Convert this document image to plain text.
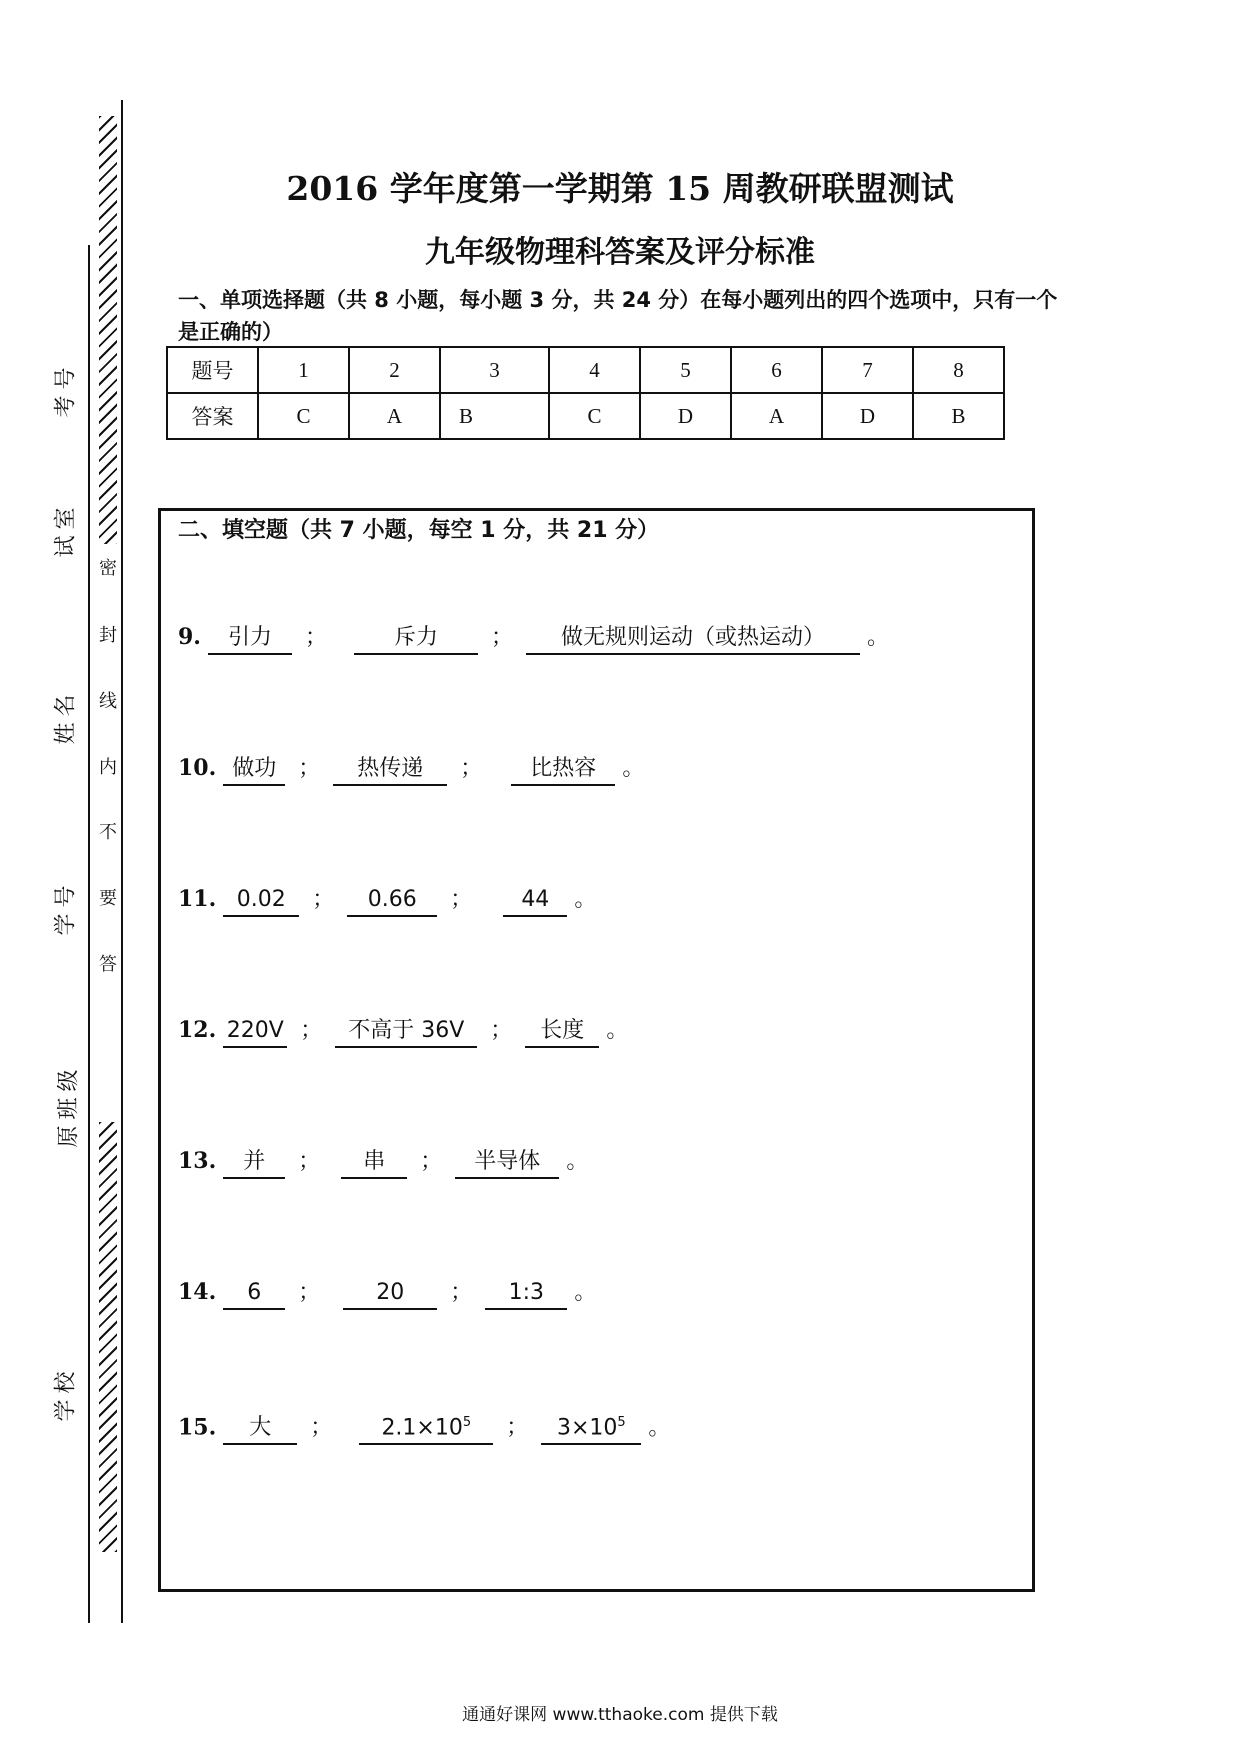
考号
试室
姓名
学号
原班级
学校
密
封
线
内
不
要
答
2016 学年度第一学期第 15 周教研联盟测试
九年级物理科答案及评分标准
一、单项选择题（共 8 小题，每小题 3 分，共 24 分）在每小题列出的四个选项中，只有一个是正确的）
题号	1	2	3	4	5	6	7	8
答案	C	A	B	C	D	A	D	B
二、填空题（共 7 小题，每空 1 分，共 21 分）
9. 引力 ；	斥力 ； 做无规则运动（或热运动） 。
10. 做功 ； 热传递 ； 比热容 。
11. 0.02 ； 0.66 ； 44 。
12. 220V ； 不高于 36V ； 长度 。
13. 并 ； 串 ； 半导体 。
14. 6 ；	20 ； 1:3 。
15. 大 ； $2.1\times 10^5$ ； $3\times 10^5$ 。
通通好课网 www.tthaoke.com 提供下载
